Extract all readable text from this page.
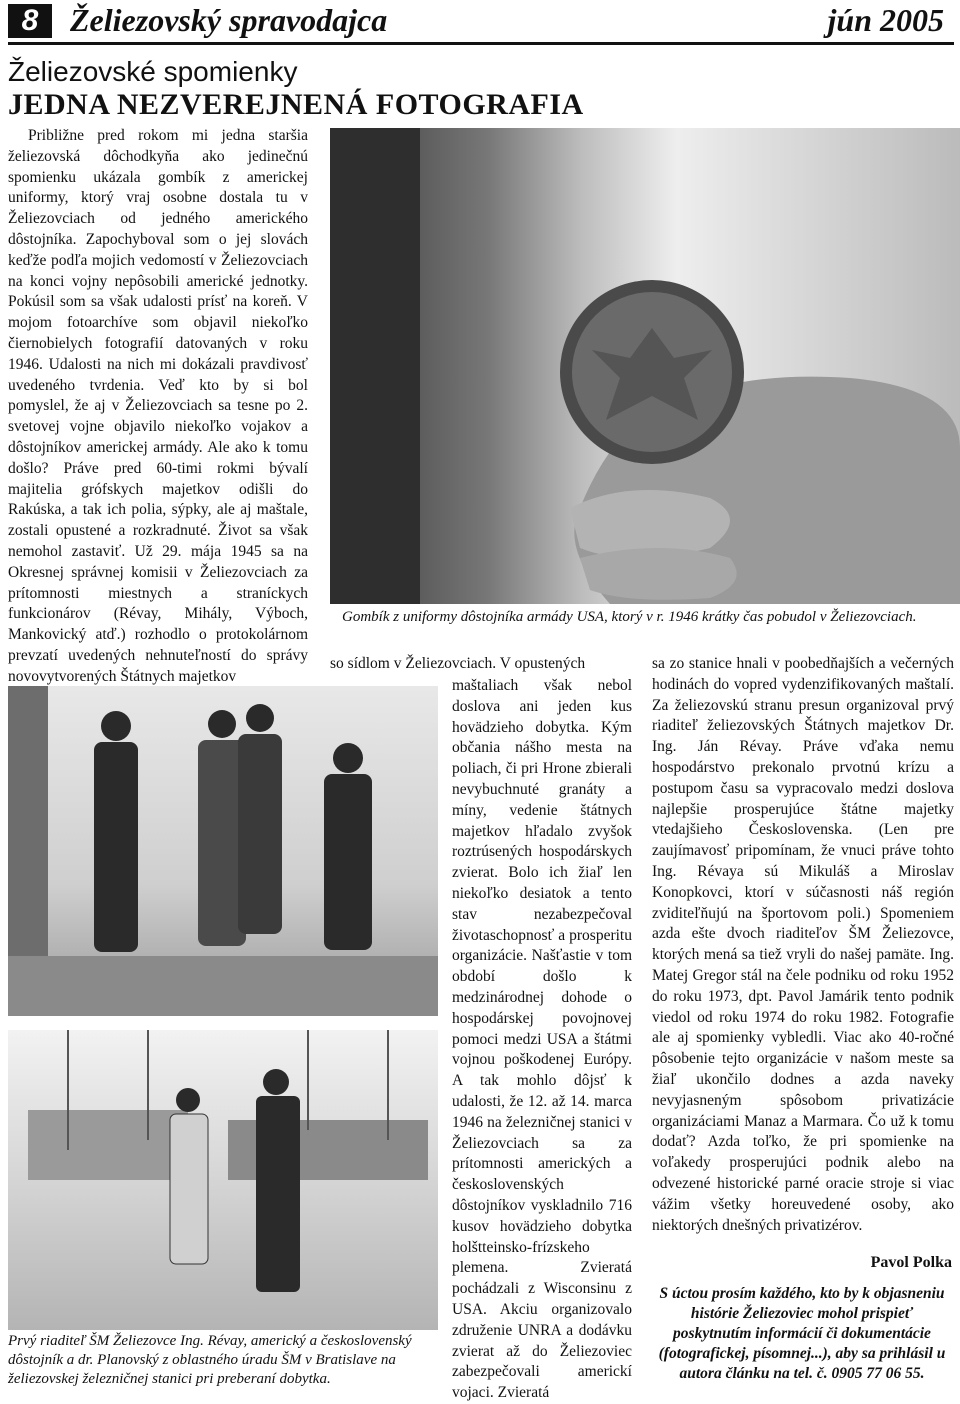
8 Želiezovský spravodajca	jún 2005
Želiezovské spomienky
JEDNA NEZVEREJNENÁ FOTOGRAFIA
Približne pred rokom mi jedna staršia želiezovská dôchodkyňa ako jedinečnú spomienku ukázala gombík z americkej uniformy, ktorý vraj osobne dostala tu v Želiezovciach od jedného amerického dôstojníka. Zapochyboval som o jej slovách keďže podľa mojich vedomostí v Želiezovciach na konci vojny nepôsobili americké jednotky. Pokúsil som sa však udalosti prísť na koreň. V mojom fotoarchíve som objavil niekoľko čiernobielych fotografií datovaných v roku 1946. Udalosti na nich mi dokázali pravdivosť uvedeného tvrdenia. Veď kto by si bol pomyslel, že aj v Želiezovciach sa tesne po 2. svetovej vojne objavilo niekoľko vojakov a dôstojníkov americkej armády. Ale ako k tomu došlo? Práve pred 60-timi rokmi bývalí majitelia grófskych majetkov odišli do Rakúska, a tak ich polia, sýpky, ale aj maštale, zostali opustené a rozkradnuté. Život sa však nemohol zastaviť. Už 29. mája 1945 sa na Okresnej správnej komisii v Želiezovciach za prítomnosti miestnych a straníckych funkcionárov (Révay, Mihály, Výboch, Mankovický atď.) rozhodlo o protokolárnom prevzatí uvedených nehnuteľností do správy novovytvorených Štátnych majetkov
Gombík z uniformy dôstojníka armády USA, ktorý v r. 1946 krátky čas pobudol v Želiezovciach.
Prvý riaditeľ ŠM Želiezovce Ing. Révay, americký a československý dôstojník a dr. Planovský z oblastného úradu ŠM v Bratislave na želiezovskej železničnej stanici pri preberaní dobytka.
so sídlom v Želiezovciach. V opustených
maštaliach však nebol doslova ani jeden kus hovädzieho dobytka. Kým občania nášho mesta na poliach, či pri Hrone zbierali nevybuchnuté granáty a míny, vedenie štátnych majetkov hľadalo zvyšok roztrúsených hospodárskych zvierat. Bolo ich žiaľ len niekoľko desiatok a tento stav nezabezpečoval životaschopnosť a prosperitu organizácie. Našťastie v tom období došlo k medzinárodnej dohode o hospodárskej povojnovej pomoci medzi USA a štátmi vojnou poškodenej Európy. A tak mohlo dôjsť k udalosti, že 12. až 14. marca 1946 na železničnej stanici v Želiezovciach sa za prítomnosti amerických a československých dôstojníkov vyskladnilo 716 kusov hovädzieho dobytka holštteinsko-frízskeho plemena. Zvieratá pochádzali z Wisconsinu z USA. Akciu organizovalo združenie UNRA a dodávku zvierat až do Želiezoviec zabezpečovali americkí vojaci. Zvieratá
sa zo stanice hnali v poobedňajších a večerných hodinách do vopred vydenzifikovaných maštalí. Za želiezovskú stranu presun organizoval prvý riaditeľ želiezovských Štátnych majetkov Dr. Ing. Ján Révay. Práve vďaka nemu hospodárstvo prekonalo prvotnú krízu a postupom času sa vypracovalo medzi doslova najlepšie prosperujúce štátne majetky vtedajšieho Československa. (Len pre zaujímavosť pripomínam, že vnuci práve tohto Ing. Révaya sú Mikuláš a Miroslav Konopkovci, ktorí v súčasnosti náš región zviditeľňujú na športovom poli.) Spomeniem azda ešte dvoch riaditeľov ŠM Želiezovce, ktorých mená sa tiež vryli do našej pamäte. Ing. Matej Gregor stál na čele podniku od roku 1952 do roku 1973, dpt. Pavol Jamárik tento podnik viedol od roku 1974 do roku 1982. Fotografie ale aj spomienky vybledli. Viac ako 40-ročné pôsobenie tejto organizácie v našom meste sa žiaľ ukončilo dodnes a azda naveky nevyjasneným spôsobom privatizácie organizáciami Manaz a Marmara. Čo už k tomu dodať? Azda toľko, že pri spomienke na voľakedy prosperujúci podnik alebo na odvezené historické parné oracie stroje si viac vážim všetky horeuvedené osoby, ako niektorých dnešných privatizérov.
Pavol Polka
S úctou prosím každého, kto by k objasneniu histórie Želiezoviec mohol prispieť poskytnutím informácií či dokumentácie (fotografickej, písomnej...), aby sa prihlásil u autora článku na tel. č. 0905 77 06 55.
